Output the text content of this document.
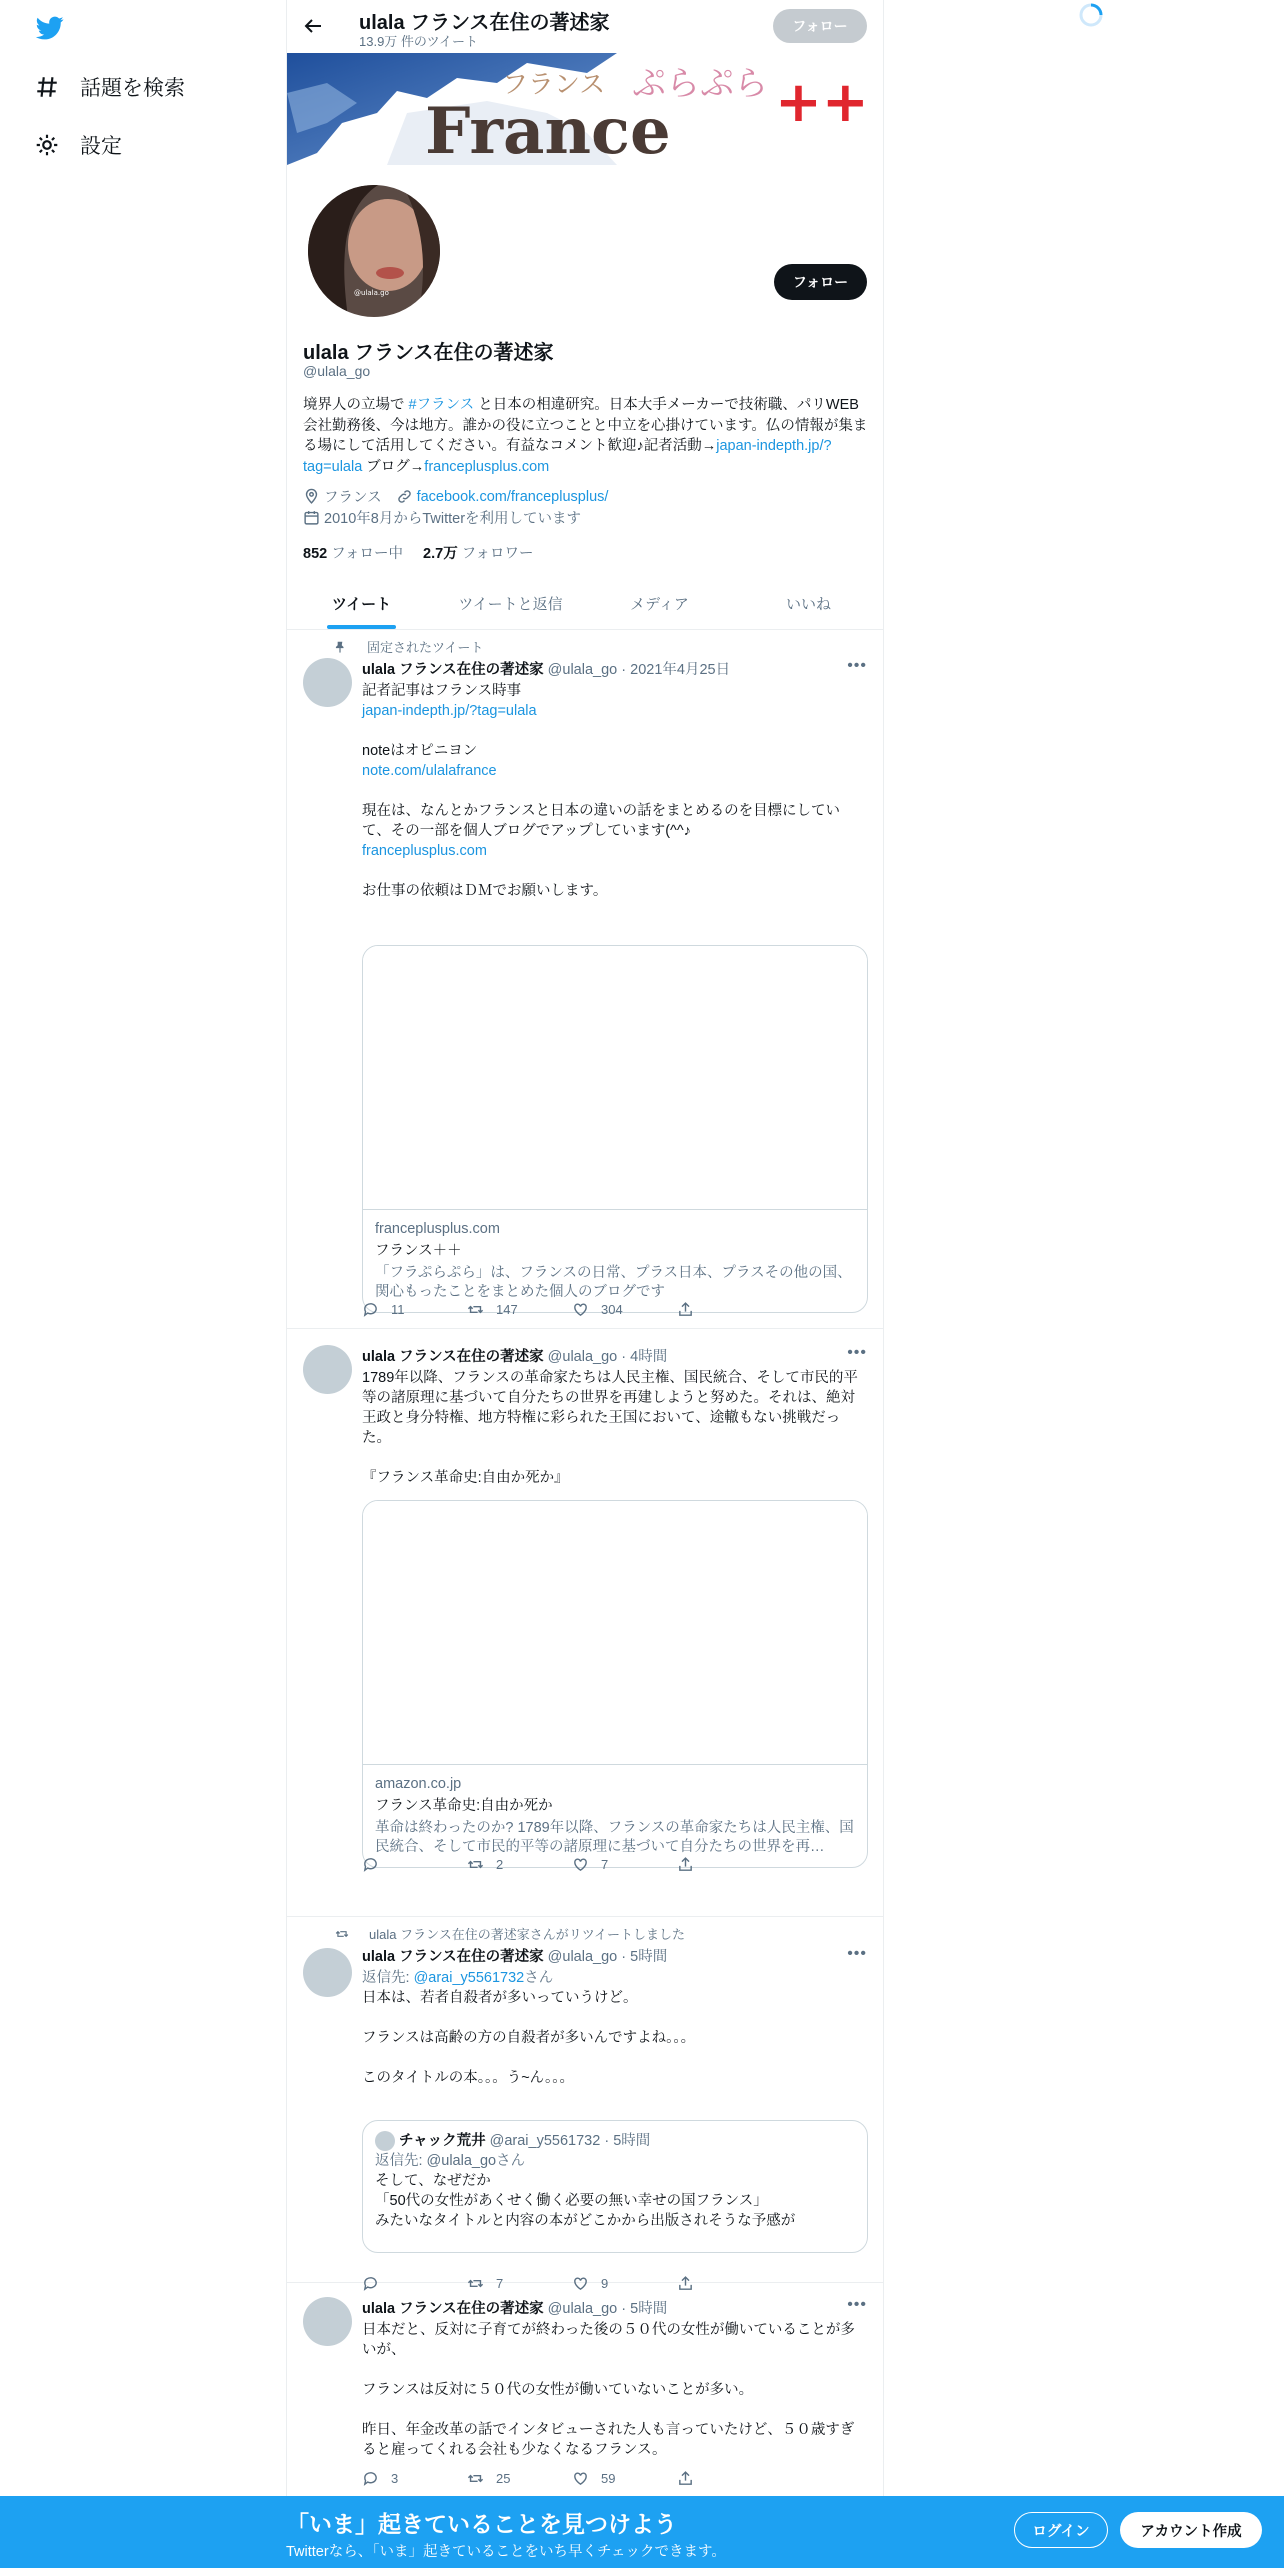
話題を検索
設定
ulala フランス在住の著述家
13.9万 件のツイート
フォロー
フランス ぷらぷら
France ++
@ulala.go
フォロー
ulala フランス在住の著述家
@ulala_go
境界人の立場で #フランス と日本の相違研究。日本大手メーカーで技術職、パリWEB会社勤務後、今は地方。誰かの役に立つことと中立を心掛けています。仏の情報が集まる場にして活用してください。有益なコメント歓迎♪記者活動→japan-indepth.jp/?tag=ulala ブログ→franceplusplus.com
フランス facebook.com/franceplusplus/
2010年8月からTwitterを利用しています
852 フォロー中 2.7万 フォロワー
ツイート	ツイートと返信	メディア	いいね
固定されたツイート
•••
ulala フランス在住の著述家 @ulala_go · 2021年4月25日
記者記事はフランス時事
japan-indepth.jp/?tag=ulala
noteはオピニヨン
note.com/ulalafrance
現在は、なんとかフランスと日本の違いの話をまとめるのを目標にしていて、その一部を個人ブログでアップしています(^^♪
franceplusplus.com
お仕事の依頼はＤＭでお願いします。
franceplusplus.com
フランス＋＋
「フラぷらぷら」は、フランスの日常、プラス日本、プラスその他の国、関心もったことをまとめた個人のブログです
11	147	304
•••
ulala フランス在住の著述家 @ulala_go · 4時間
1789年以降、フランスの革命家たちは人民主権、国民統合、そして市民的平等の諸原理に基づいて自分たちの世界を再建しようと努めた。それは、絶対王政と身分特権、地方特権に彩られた王国において、途轍もない挑戦だった。
『フランス革命史:自由か死か』
amazon.co.jp
フランス革命史:自由か死か
革命は終わったのか? 1789年以降、フランスの革命家たちは人民主権、国民統合、そして市民的平等の諸原理に基づいて自分たちの世界を再…
2	7
ulala フランス在住の著述家さんがリツイートしました
•••
ulala フランス在住の著述家 @ulala_go · 5時間
返信先: @arai_y5561732さん
日本は、若者自殺者が多いっていうけど。
フランスは高齢の方の自殺者が多いんですよね。。。
このタイトルの本。。。う~ん。。。
チャック荒井 @arai_y5561732 · 5時間
返信先: @ulala_goさん
そして、なぜだか
「50代の女性があくせく働く必要の無い幸せの国フランス」
みたいなタイトルと内容の本がどこかから出版されそうな予感が
7	9
•••
ulala フランス在住の著述家 @ulala_go · 5時間
日本だと、反対に子育てが終わった後の５０代の女性が働いていることが多いが、
フランスは反対に５０代の女性が働いていないことが多い。
昨日、年金改革の話でインタビューされた人も言っていたけど、５０歳すぎると雇ってくれる会社も少なくなるフランス。
3	25	59
「いま」起きていることを見つけよう
Twitterなら、「いま」起きていることをいち早くチェックできます。
ログイン	アカウント作成
